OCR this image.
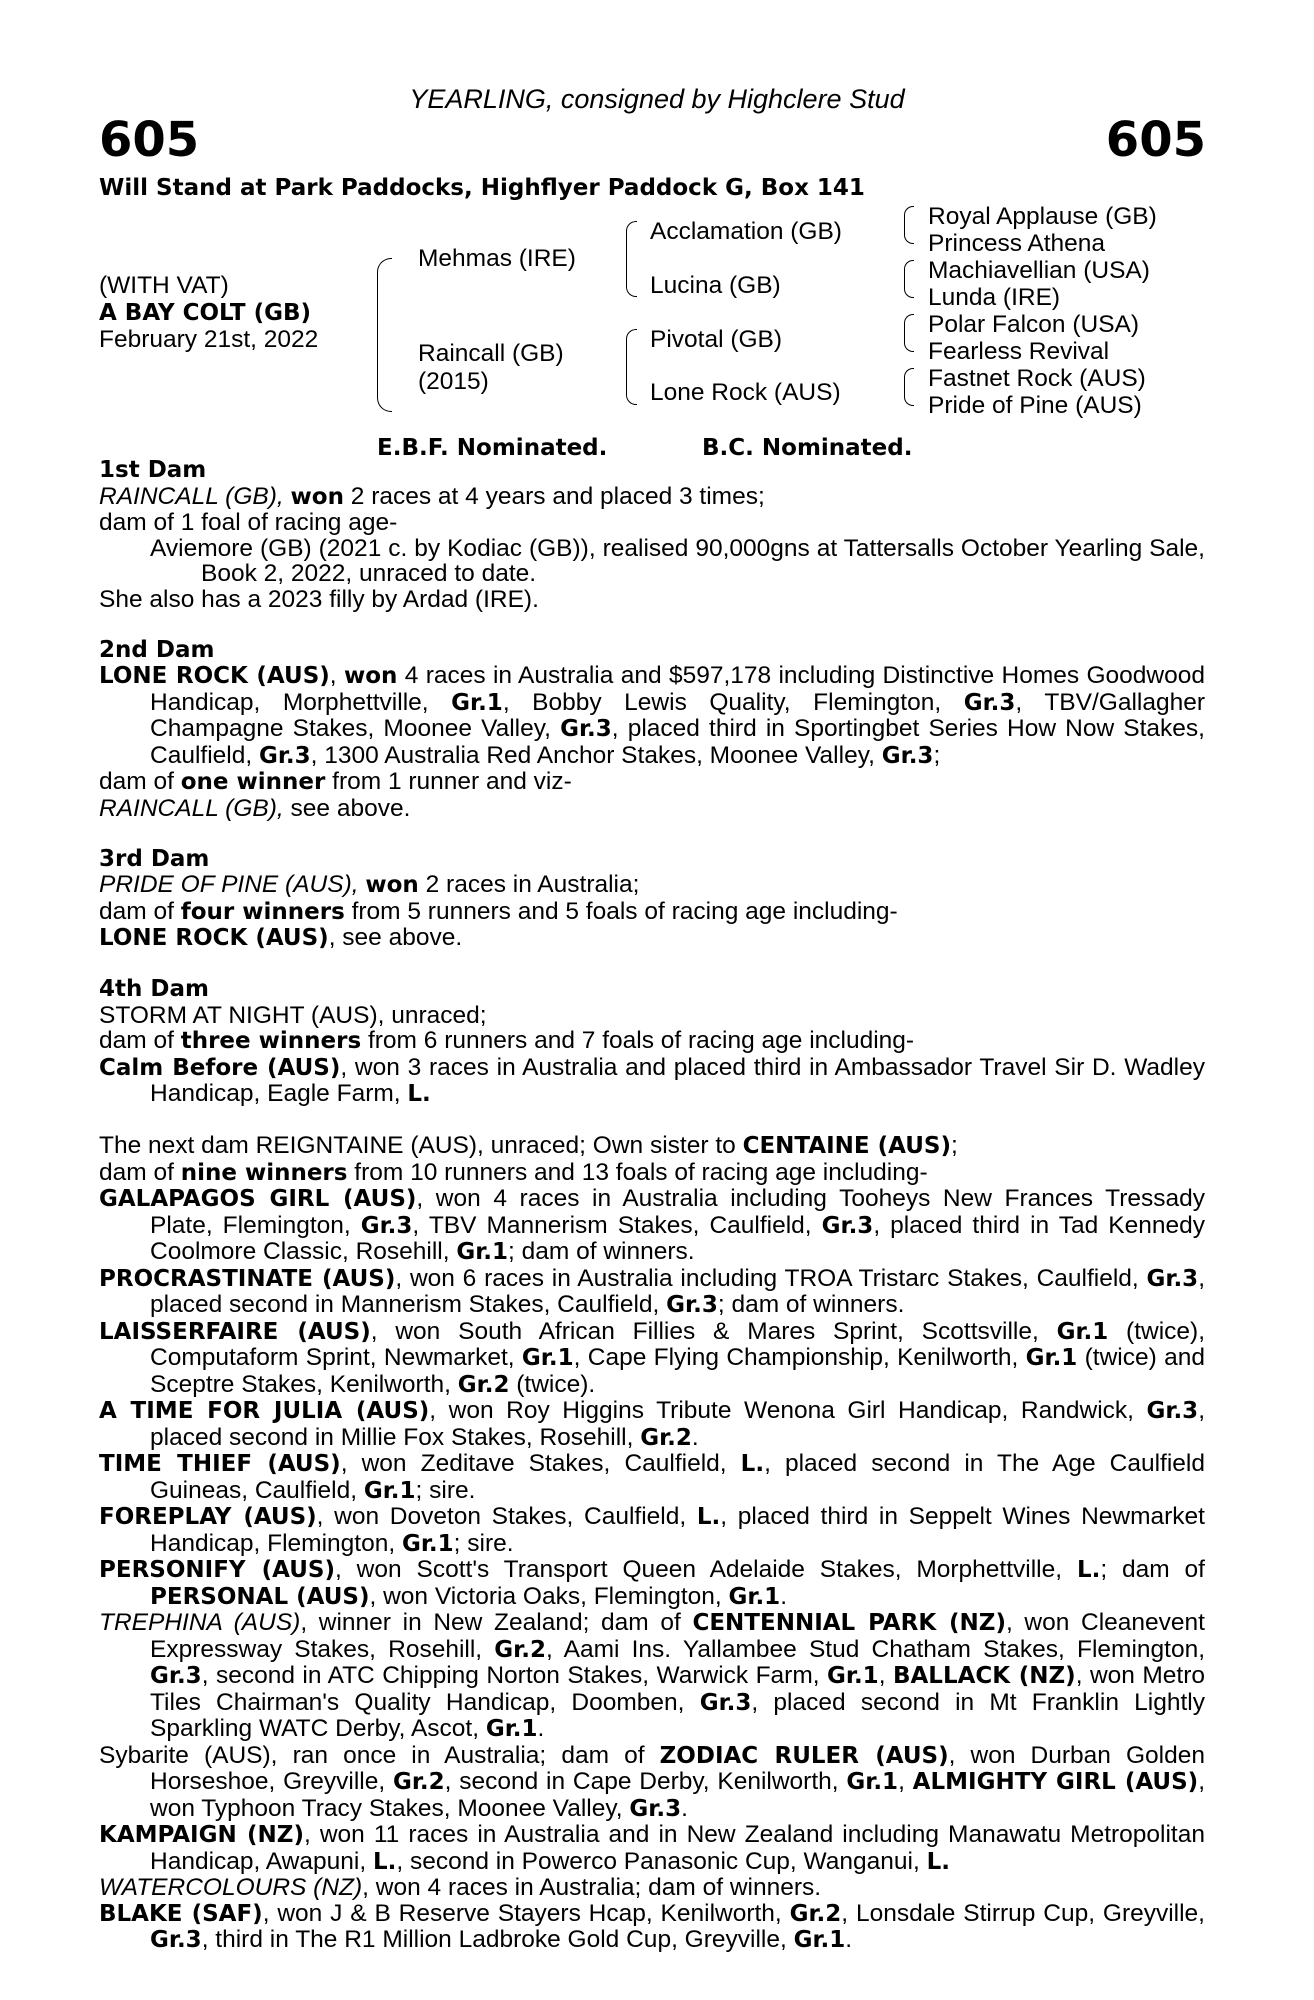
YEARLING, consigned by Highclere Stud
605	605
Will Stand at Park Paddocks, Highflyer Paddock G, Box 141
(WITH VAT)
A BAY COLT (GB)
February 21st, 2022
Mehmas (IRE)
Raincall (GB)
(2015)
Acclamation (GB)
Lucina (GB)
Pivotal (GB)
Lone Rock (AUS)
Royal Applause (GB)
Princess Athena
Machiavellian (USA)
Lunda (IRE)
Polar Falcon (USA)
Fearless Revival
Fastnet Rock (AUS)
Pride of Pine (AUS)
E.B.F. Nominated.	B.C. Nominated.
1st Dam

RAINCALL (GB), won 2 races at 4 years and placed 3 times;

dam of 1 foal of racing age-

Aviemore (GB) (2021 c. by Kodiac (GB)), realised 90,000gns at Tattersalls October Yearling Sale, Book 2, 2022, unraced to date.

She also has a 2023 filly by Ardad (IRE).

2nd Dam

LONE ROCK (AUS), won 4 races in Australia and $597,178 including Distinctive Homes Goodwood Handicap, Morphettville, Gr.1, Bobby Lewis Quality, Flemington, Gr.3, TBV/Gallagher Champagne Stakes, Moonee Valley, Gr.3, placed third in Sportingbet Series How Now Stakes, Caulfield, Gr.3, 1300 Australia Red Anchor Stakes, Moonee Valley, Gr.3;

dam of one winner from 1 runner and viz-

RAINCALL (GB), see above.

3rd Dam

PRIDE OF PINE (AUS), won 2 races in Australia;

dam of four winners from 5 runners and 5 foals of racing age including-

LONE ROCK (AUS), see above.

4th Dam

STORM AT NIGHT (AUS), unraced;

dam of three winners from 6 runners and 7 foals of racing age including-

Calm Before (AUS), won 3 races in Australia and placed third in Ambassador Travel Sir D. Wadley Handicap, Eagle Farm, L.

The next dam REIGNTAINE (AUS), unraced; Own sister to CENTAINE (AUS);

dam of nine winners from 10 runners and 13 foals of racing age including-

GALAPAGOS GIRL (AUS), won 4 races in Australia including Tooheys New Frances Tressady Plate, Flemington, Gr.3, TBV Mannerism Stakes, Caulfield, Gr.3, placed third in Tad Kennedy Coolmore Classic, Rosehill, Gr.1; dam of winners.

PROCRASTINATE (AUS), won 6 races in Australia including TROA Tristarc Stakes, Caulfield, Gr.3, placed second in Mannerism Stakes, Caulfield, Gr.3; dam of winners.

LAISSERFAIRE (AUS), won South African Fillies & Mares Sprint, Scottsville, Gr.1 (twice), Computaform Sprint, Newmarket, Gr.1, Cape Flying Championship, Kenilworth, Gr.1 (twice) and Sceptre Stakes, Kenilworth, Gr.2 (twice).

A TIME FOR JULIA (AUS), won Roy Higgins Tribute Wenona Girl Handicap, Randwick, Gr.3, placed second in Millie Fox Stakes, Rosehill, Gr.2.

TIME THIEF (AUS), won Zeditave Stakes, Caulfield, L., placed second in The Age Caulfield Guineas, Caulfield, Gr.1; sire.

FOREPLAY (AUS), won Doveton Stakes, Caulfield, L., placed third in Seppelt Wines Newmarket Handicap, Flemington, Gr.1; sire.

PERSONIFY (AUS), won Scott's Transport Queen Adelaide Stakes, Morphettville, L.; dam of PERSONAL (AUS), won Victoria Oaks, Flemington, Gr.1.

TREPHINA (AUS), winner in New Zealand; dam of CENTENNIAL PARK (NZ), won Cleanevent Expressway Stakes, Rosehill, Gr.2, Aami Ins. Yallambee Stud Chatham Stakes, Flemington, Gr.3, second in ATC Chipping Norton Stakes, Warwick Farm, Gr.1, BALLACK (NZ), won Metro Tiles Chairman's Quality Handicap, Doomben, Gr.3, placed second in Mt Franklin Lightly Sparkling WATC Derby, Ascot, Gr.1.

Sybarite (AUS), ran once in Australia; dam of ZODIAC RULER (AUS), won Durban Golden Horseshoe, Greyville, Gr.2, second in Cape Derby, Kenilworth, Gr.1, ALMIGHTY GIRL (AUS), won Typhoon Tracy Stakes, Moonee Valley, Gr.3.

KAMPAIGN (NZ), won 11 races in Australia and in New Zealand including Manawatu Metropolitan Handicap, Awapuni, L., second in Powerco Panasonic Cup, Wanganui, L.

WATERCOLOURS (NZ), won 4 races in Australia; dam of winners.

BLAKE (SAF), won J & B Reserve Stayers Hcap, Kenilworth, Gr.2, Lonsdale Stirrup Cup, Greyville, Gr.3, third in The R1 Million Ladbroke Gold Cup, Greyville, Gr.1.
